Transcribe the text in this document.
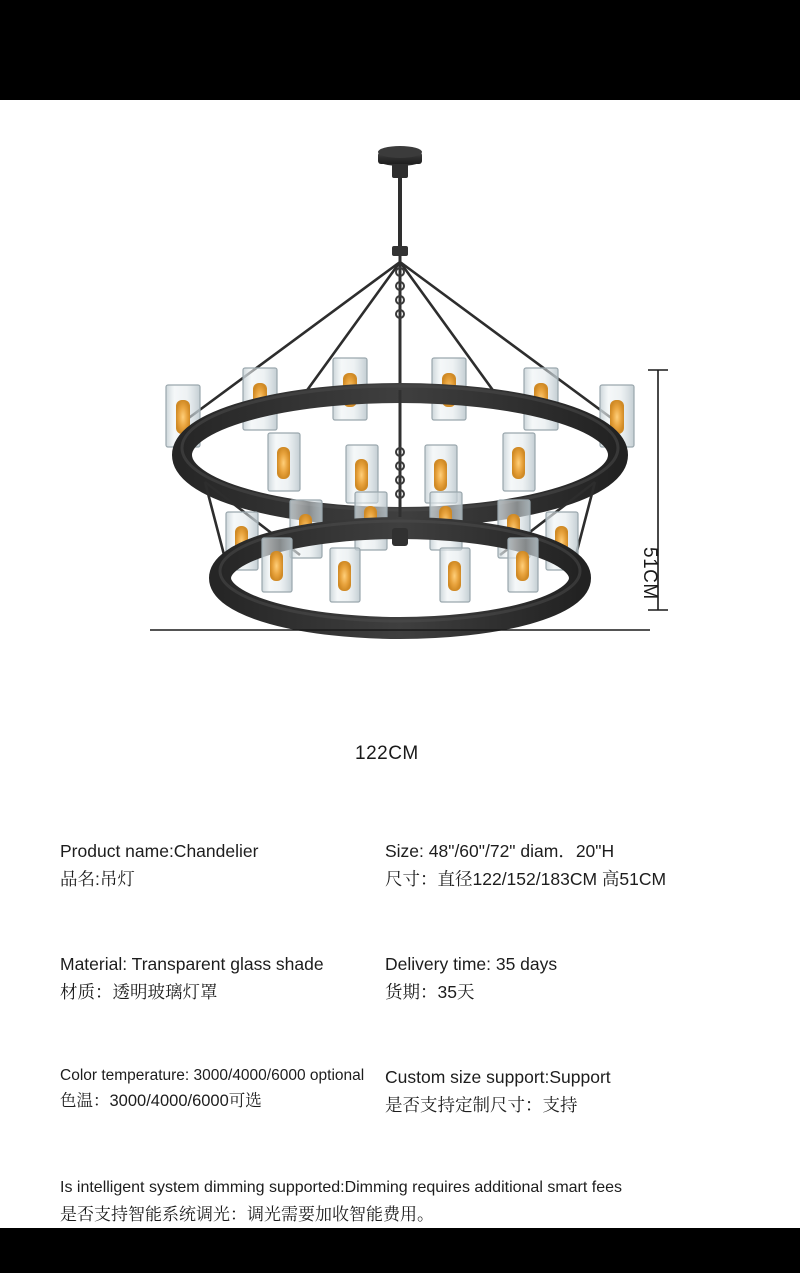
122CM
51CM
Product name:Chandelier
品名:吊灯
Size: 48"/60"/72" diam．20"H
尺寸：直径122/152/183CM 高51CM
Material: Transparent glass shade
材质：透明玻璃灯罩
Delivery time: 35 days
货期：35天
Color temperature: 3000/4000/6000 optional
色温：3000/4000/6000可选
Custom size support:Support
是否支持定制尺寸：支持
Is intelligent system dimming supported:Dimming requires additional smart fees
是否支持智能系统调光：调光需要加收智能费用。
